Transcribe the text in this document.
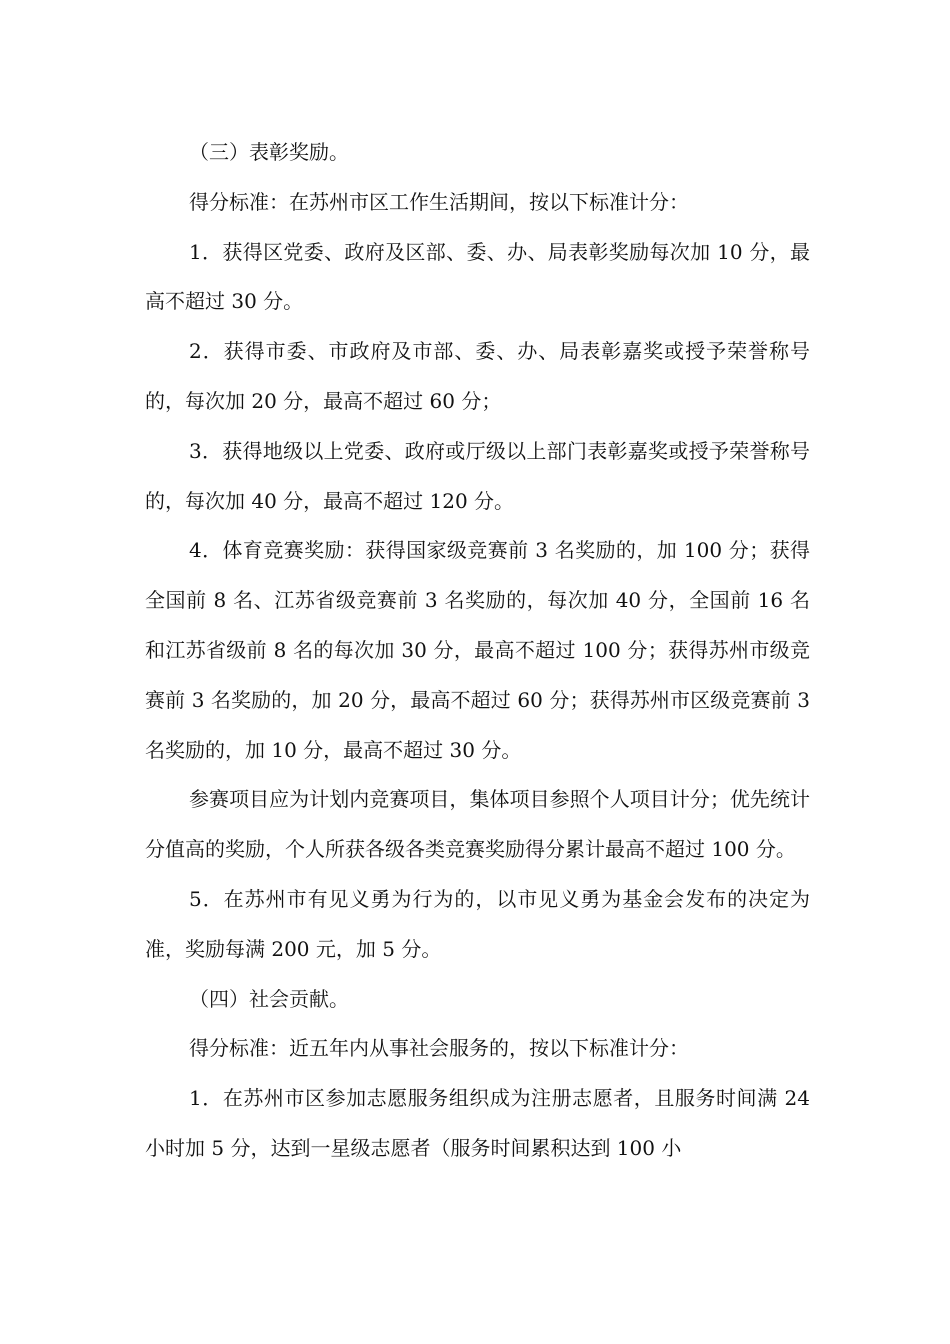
（三）表彰奖励。

得分标准：在苏州市区工作生活期间，按以下标准计分：

1．获得区党委、政府及区部、委、办、局表彰奖励每次加 10 分，最高不超过 30 分。

2．获得市委、市政府及市部、委、办、局表彰嘉奖或授予荣誉称号的，每次加 20 分，最高不超过 60 分；

3．获得地级以上党委、政府或厅级以上部门表彰嘉奖或授予荣誉称号的，每次加 40 分，最高不超过 120 分。

4．体育竞赛奖励：获得国家级竞赛前 3 名奖励的，加 100 分；获得全国前 8 名、江苏省级竞赛前 3 名奖励的，每次加 40 分，全国前 16 名和江苏省级前 8 名的每次加 30 分，最高不超过 100 分；获得苏州市级竞赛前 3 名奖励的，加 20 分，最高不超过 60 分；获得苏州市区级竞赛前 3 名奖励的，加 10 分，最高不超过 30 分。

参赛项目应为计划内竞赛项目，集体项目参照个人项目计分；优先统计分值高的奖励，个人所获各级各类竞赛奖励得分累计最高不超过 100 分。

5．在苏州市有见义勇为行为的，以市见义勇为基金会发布的决定为准，奖励每满 200 元，加 5 分。

（四）社会贡献。

得分标准：近五年内从事社会服务的，按以下标准计分：

1．在苏州市区参加志愿服务组织成为注册志愿者，且服务时间满 24 小时加 5 分，达到一星级志愿者（服务时间累积达到 100 小
